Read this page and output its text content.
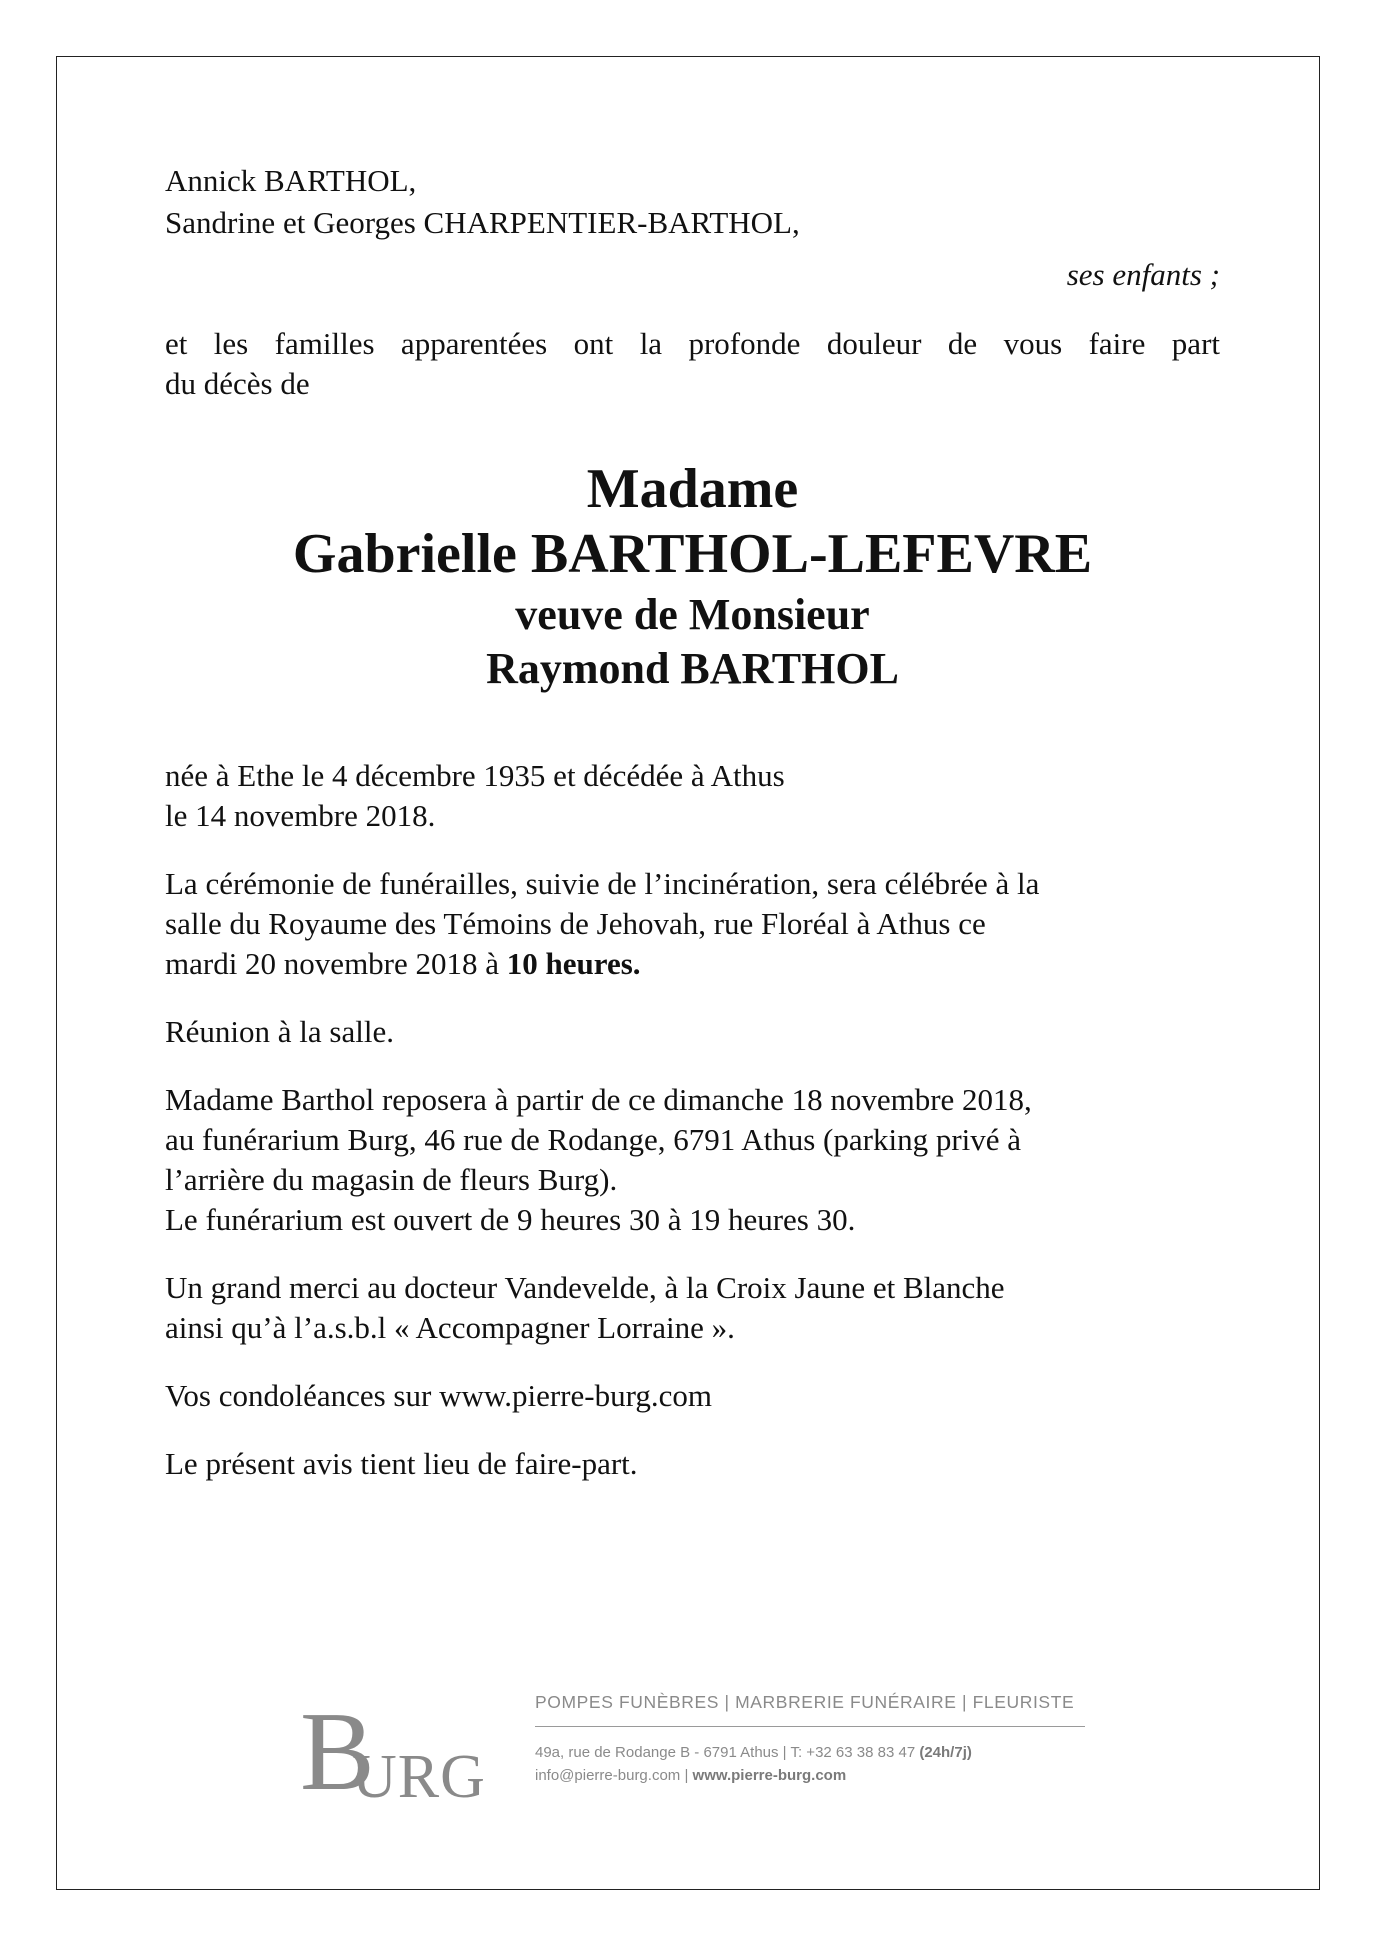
Annick BARTHOL,

Sandrine et Georges CHARPENTIER-BARTHOL,

ses enfants ;

et les familles apparentées ont la profonde douleur de vous faire part

du décès de

Madame

Gabrielle BARTHOL-LEFEVRE

veuve de Monsieur

Raymond BARTHOL

née à Ethe le 4 décembre 1935 et décédée à Athus

le 14 novembre 2018.

La cérémonie de funérailles, suivie de l’incinération, sera célébrée à la

salle du Royaume des Témoins de Jehovah, rue Floréal à Athus ce

mardi 20 novembre 2018 à 10 heures.

Réunion à la salle.

Madame Barthol reposera à partir de ce dimanche 18 novembre 2018,

au funérarium Burg, 46 rue de Rodange, 6791 Athus (parking privé à

l’arrière du magasin de fleurs Burg).

Le funérarium est ouvert de 9 heures 30 à 19 heures 30.

Un grand merci au docteur Vandevelde, à la Croix Jaune et Blanche

ainsi qu’à l’a.s.b.l « Accompagner Lorraine ».

Vos condoléances sur www.pierre-burg.com

Le présent avis tient lieu de faire-part.

B
URG
POMPES FUNÈBRES | MARBRERIE FUNÉRAIRE | FLEURISTE
49a, rue de Rodange B - 6791 Athus | T: +32 63 38 83 47 (24h/7j)
info@pierre-burg.com | www.pierre-burg.com
